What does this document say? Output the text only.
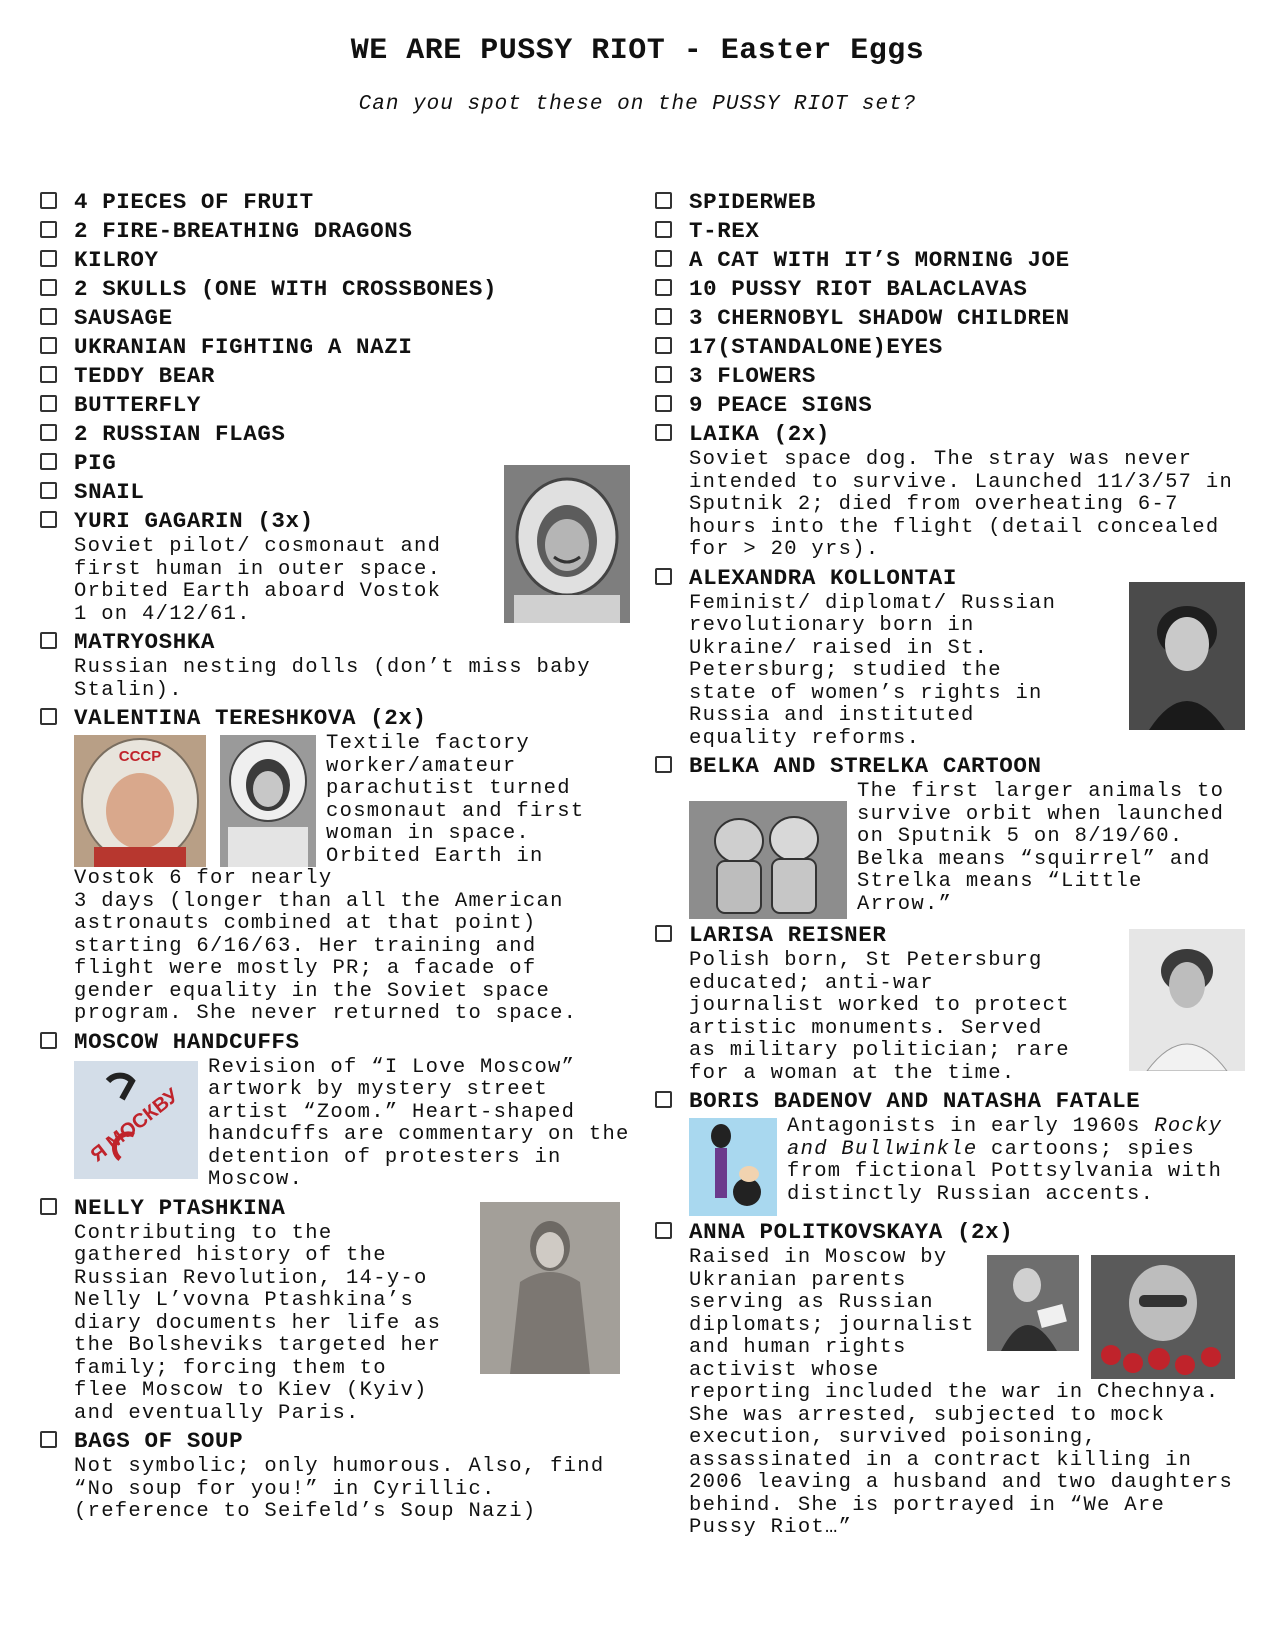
WE ARE PUSSY RIOT - Easter Eggs
Can you spot these on the PUSSY RIOT set?
4 PIECES OF FRUIT
2 FIRE-BREATHING DRAGONS
KILROY
2 SKULLS (ONE WITH CROSSBONES)
SAUSAGE
UKRANIAN FIGHTING A NAZI
TEDDY BEAR
BUTTERFLY
2 RUSSIAN FLAGS
PIG
SNAIL
YURI GAGARIN (3x)
Soviet pilot/ cosmonaut and first human in outer space. Orbited Earth aboard Vostok 1 on 4/12/61.
MATRYOSHKA
Russian nesting dolls (don’t miss baby Stalin).
VALENTINA TERESHKOVA (2x)
СССР
Textile factory worker/amateur parachutist turned cosmonaut and first woman in space. Orbited Earth in Vostok 6 for nearly
3 days (longer than all the American astronauts combined at that point) starting 6/16/63. Her training and flight were mostly PR; a facade of gender equality in the Soviet space program. She never returned to space.
MOSCOW HANDCUFFS
Я МОСКВУ
Revision of “I Love Moscow” artwork by mystery street artist “Zoom.” Heart-shaped handcuffs are commentary on the detention of protesters in Moscow.
NELLY PTASHKINA
Contributing to the gathered history of the Russian Revolution, 14-y-o Nelly L’vovna Ptashkina’s diary documents her life as the Bolsheviks targeted her family; forcing them to flee Moscow to Kiev (Kyiv) and eventually Paris.
BAGS OF SOUP
Not symbolic; only humorous. Also, find “No soup for you!” in Cyrillic. (reference to Seifeld’s Soup Nazi)
SPIDERWEB
T-REX
A CAT WITH IT’S MORNING JOE
10 PUSSY RIOT BALACLAVAS
3 CHERNOBYL SHADOW CHILDREN
17(STANDALONE)EYES
3 FLOWERS
9 PEACE SIGNS
LAIKA (2x)
Soviet space dog. The stray was never intended to survive. Launched 11/3/57 in Sputnik 2; died from overheating 6-7 hours into the flight (detail concealed for > 20 yrs).
ALEXANDRA KOLLONTAI
Feminist/ diplomat/ Russian revolutionary born in Ukraine/ raised in St. Petersburg; studied the state of women’s rights in Russia and instituted equality reforms.
BELKA AND STRELKA CARTOON
The first larger animals to survive orbit when launched on Sputnik 5 on 8/19/60. Belka means “squirrel” and Strelka means “Little Arrow.”
LARISA REISNER
Polish born, St Petersburg educated; anti-war journalist worked to protect artistic monuments. Served as military politician; rare for a woman at the time.
BORIS BADENOV AND NATASHA FATALE
Antagonists in early 1960s Rocky and Bullwinkle cartoons; spies from fictional Pottsylvania with distinctly Russian accents.
ANNA POLITKOVSKAYA (2x)
Raised in Moscow by Ukranian parents serving as Russian diplomats; journalist and human rights activist whose
reporting included the war in Chechnya. She was arrested, subjected to mock execution, survived poisoning, assassinated in a contract killing in 2006 leaving a husband and two daughters behind. She is portrayed in “We Are Pussy Riot…”
